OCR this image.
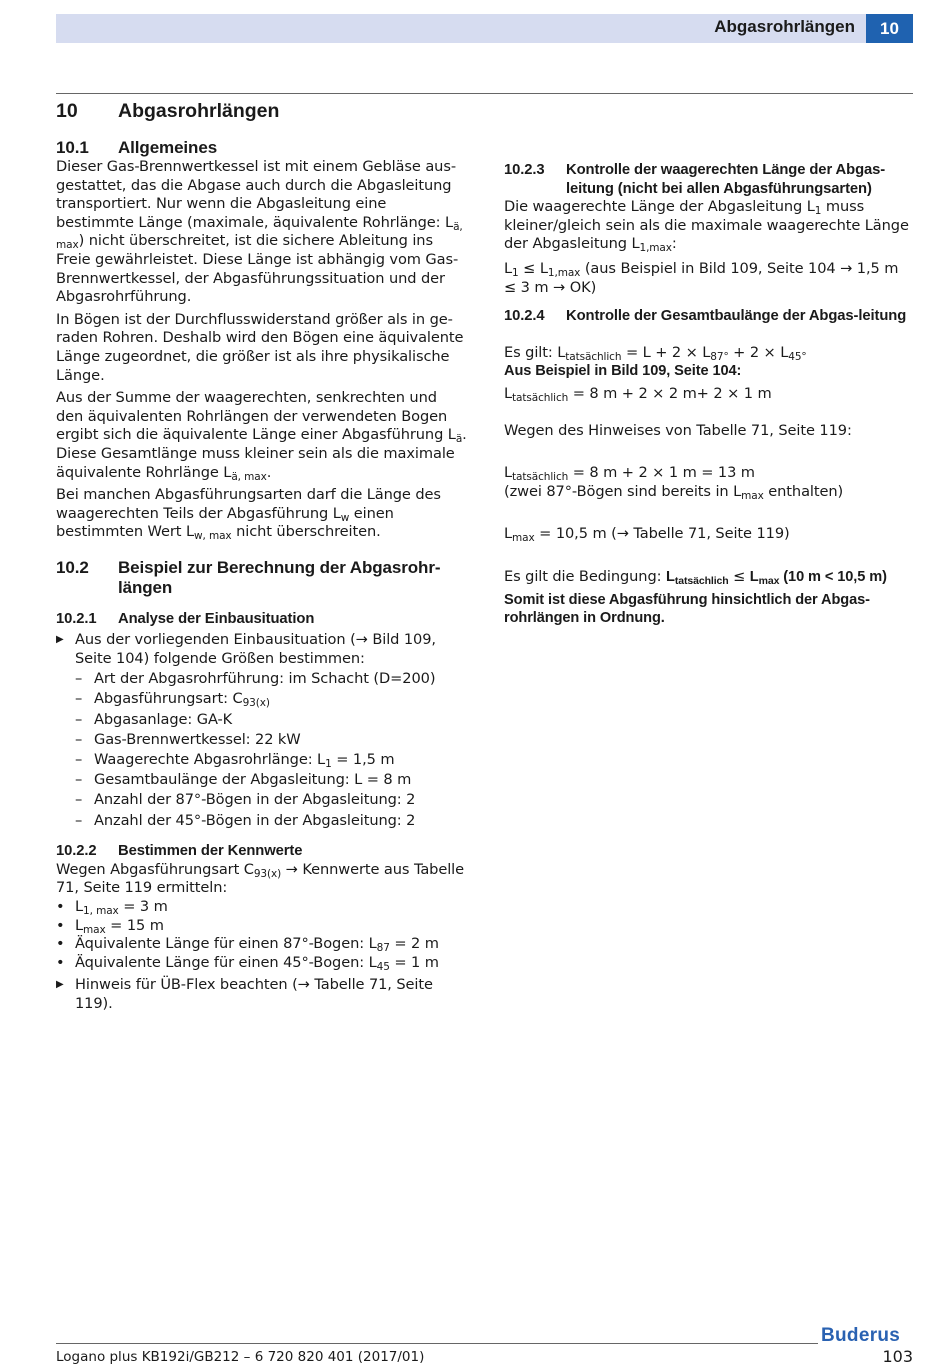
Abgasrohrlängen	10
10 Abgasrohrlängen
10.1	Allgemeines

Dieser Gas-Brennwertkessel ist mit einem Gebläse aus-gestattet, das die Abgase auch durch die Abgasleitung transportiert. Nur wenn die Abgasleitung eine bestimmte Länge (maximale, äquivalente Rohrlänge: $L_{ä, max}$) nicht überschreitet, ist die sichere Ableitung ins Freie gewährleistet. Diese Länge ist abhängig vom Gas-Brennwertkessel, der Abgasführungssituation und der Abgasrohrführung.

In Bögen ist der Durchflusswiderstand größer als in ge-raden Rohren. Deshalb wird den Bögen eine äquivalente Länge zugeordnet, die größer ist als ihre physikalische Länge.

Aus der Summe der waagerechten, senkrechten und den äquivalenten Rohrlängen der verwendeten Bogen ergibt sich die äquivalente Länge einer Abgasführung $L_ä$. Diese Gesamtlänge muss kleiner sein als die maximale äquivalente Rohrlänge $L_{ä, max}$.

Bei manchen Abgasführungsarten darf die Länge des waagerechten Teils der Abgasführung $L_w$ einen bestimmten Wert $L_{w, max}$ nicht überschreiten.

10.2	Beispiel zur Berechnung der Abgasrohr-längen
10.2.1	Analyse der Einbausituation
▶ Aus der vorliegenden Einbausituation (→ Bild 109, Seite 104) folgende Größen bestimmen:
– Art der Abgasrohrführung: im Schacht (D=200)
– Abgasführungsart: $C_{93(x)}$
– Abgasanlage: GA-K
– Gas-Brennwertkessel: 22 kW
– Waagerechte Abgasrohrlänge: $L_1 = 1,5$ m
– Gesamtbaulänge der Abgasleitung: L = 8 m
– Anzahl der 87°-Bögen in der Abgasleitung: 2
– Anzahl der 45°-Bögen in der Abgasleitung: 2
10.2.2	Bestimmen der Kennwerte

Wegen Abgasführungsart $C_{93(x)}$ → Kennwerte aus Tabelle 71, Seite 119 ermitteln:

• $L_{1, max} = 3$ m
• $L_{max} = 15$ m
• Äquivalente Länge für einen 87°-Bogen: $L_{87} = 2$ m
• Äquivalente Länge für einen 45°-Bogen: $L_{45} = 1$ m
▶ Hinweis für ÜB-Flex beachten (→ Tabelle 71, Seite 119).
10.2.3	Kontrolle der waagerechten Länge der Abgas-leitung (nicht bei allen Abgasführungsarten)

Die waagerechte Länge der Abgasleitung $L_1$ muss kleiner/gleich sein als die maximale waagerechte Länge der Abgasleitung $L_{1,max}$:

$L_1 \le L_{1,max}$ (aus Beispiel in Bild 109, Seite 104 → 1,5 m ≤ 3 m → OK)

10.2.4	Kontrolle der Gesamtbaulänge der Abgas-leitung

Es gilt: $L_{tatsächlich} = L + 2 \times L_{87^\circ} + 2 \times L_{45^\circ}$

Aus Beispiel in Bild 109, Seite 104:

$L_{tatsächlich} = 8$ m + 2 × 2 m+ 2 × 1 m

Wegen des Hinweises von Tabelle 71, Seite 119:

$L_{tatsächlich} = 8$ m + 2 × 1 m = 13 m

(zwei 87°-Bögen sind bereits in $L_{max}$ enthalten)

$L_{max} = 10,5$ m (→ Tabelle 71, Seite 119)

Es gilt die Bedingung: $L_{tatsächlich} \le L_{max}$ (10 m < 10,5 m)

Somit ist diese Abgasführung hinsichtlich der Abgas-rohrlängen in Ordnung.

Logano plus KB192i/GB212 – 6 720 820 401 (2017/01)
Buderus
103
